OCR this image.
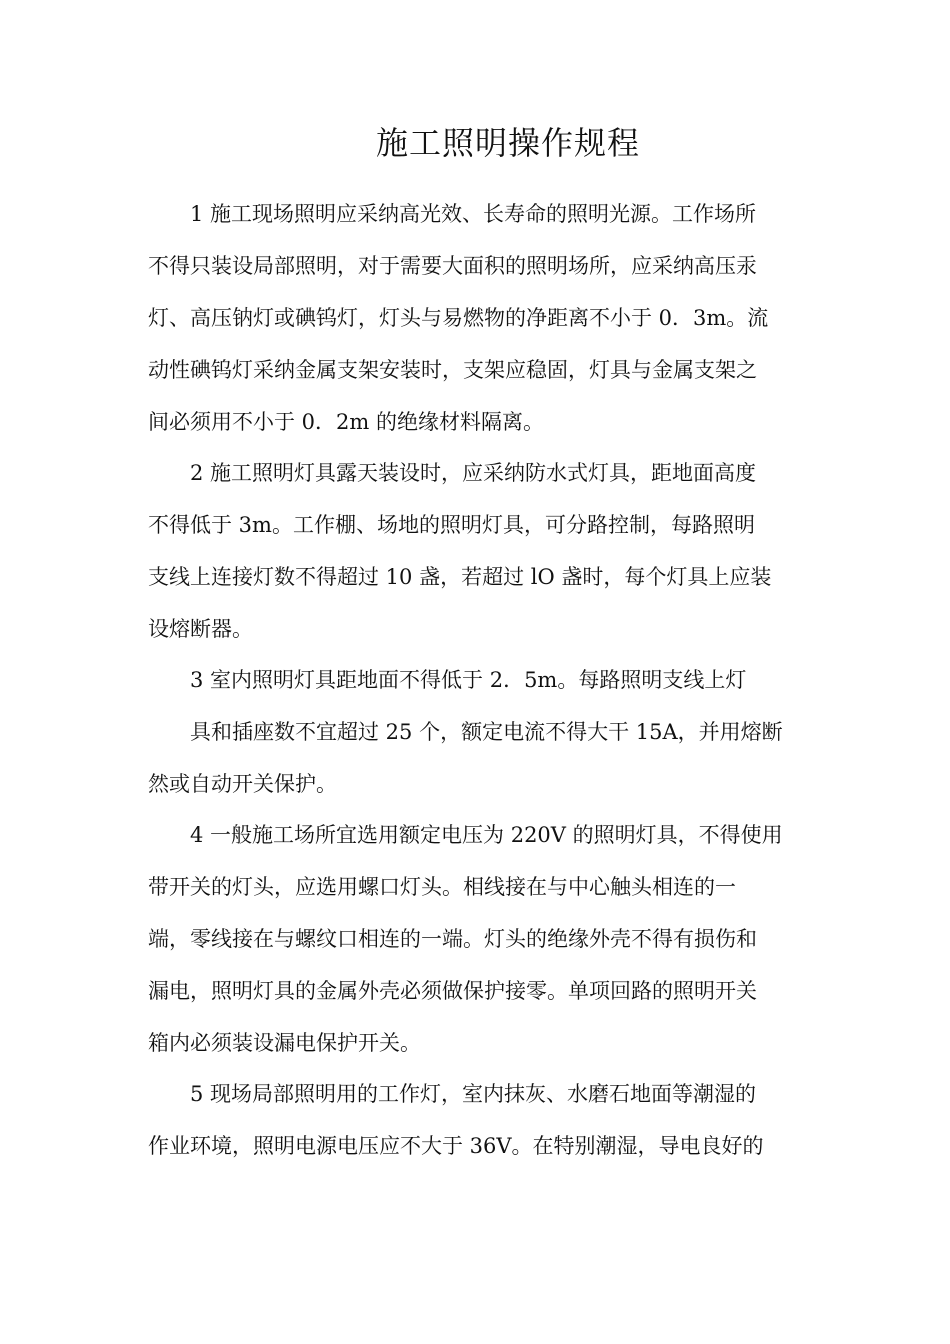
施工照明操作规程

1 施工现场照明应采纳高光效、长寿命的照明光源。工作场所

不得只装设局部照明，对于需要大面积的照明场所，应采纳高压汞

灯、高压钠灯或碘钨灯，灯头与易燃物的净距离不小于 0．3m。流

动性碘钨灯采纳金属支架安装时，支架应稳固，灯具与金属支架之

间必须用不小于 0．2m 的绝缘材料隔离。

2 施工照明灯具露天装设时，应采纳防水式灯具，距地面高度

不得低于 3m。工作棚、场地的照明灯具，可分路控制，每路照明

支线上连接灯数不得超过 10 盏，若超过 lO 盏时，每个灯具上应装

设熔断器。

3 室内照明灯具距地面不得低于 2．5m。每路照明支线上灯

具和插座数不宜超过 25 个，额定电流不得大干 15A，并用熔断

然或自动开关保护。

4 一般施工场所宜选用额定电压为 220V 的照明灯具，不得使用

带开关的灯头，应选用螺口灯头。相线接在与中心触头相连的一

端，零线接在与螺纹口相连的一端。灯头的绝缘外壳不得有损伤和

漏电，照明灯具的金属外壳必须做保护接零。单项回路的照明开关

箱内必须装设漏电保护开关。

5 现场局部照明用的工作灯，室内抹灰、水磨石地面等潮湿的

作业环境，照明电源电压应不大于 36V。在特别潮湿，导电良好的
